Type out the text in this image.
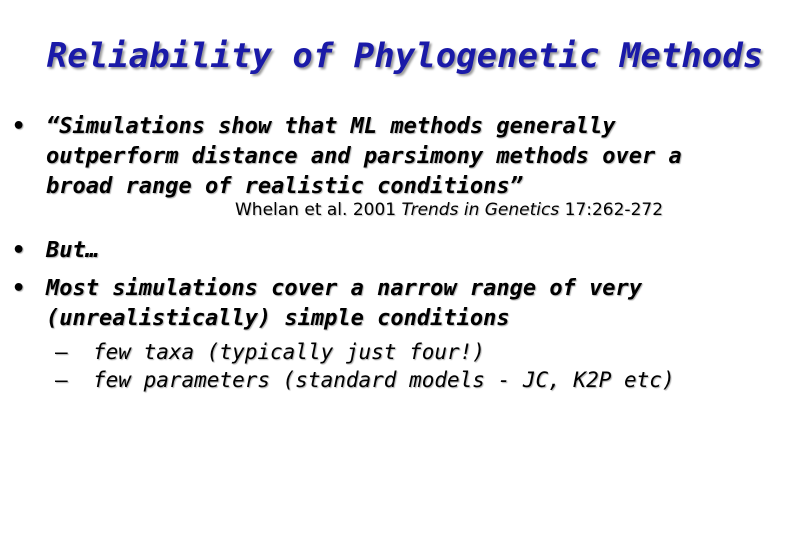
Reliability of Phylogenetic Methods
• “Simulations show that ML methods generally
outperform distance and parsimony methods over a
broad range of realistic conditions”
Whelan et al. 2001 Trends in Genetics 17:262-272
• But…
• Most simulations cover a narrow range of very
(unrealistically) simple conditions
–	few taxa (typically just four!)
–	few parameters (standard models - JC, K2P etc)
